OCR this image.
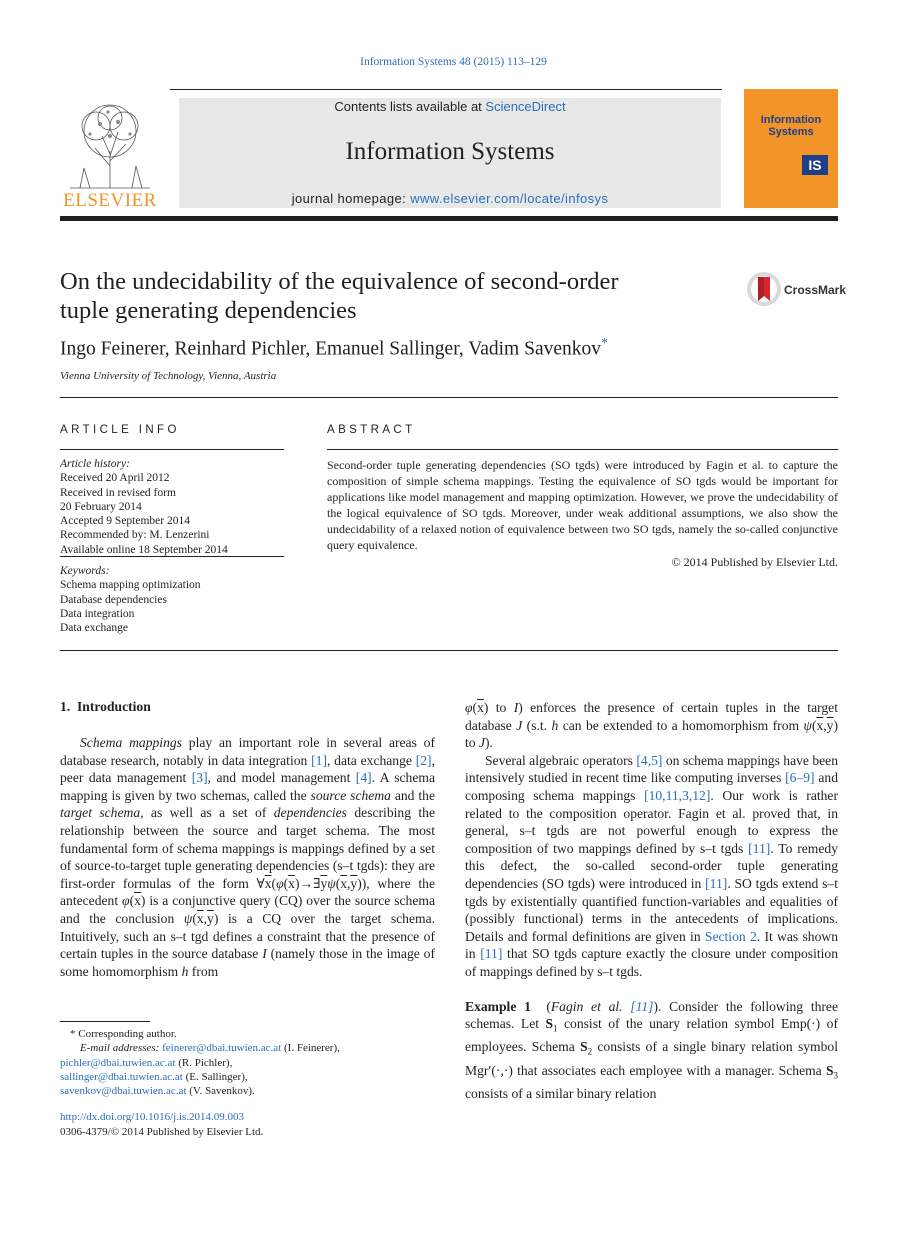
Information Systems 48 (2015) 113–129
ELSEVIER
Contents lists available at ScienceDirect
Information Systems
journal homepage: www.elsevier.com/locate/infosys
Information
Systems
IS
On the undecidability of the equivalence of second-order
tuple generating dependencies
CrossMark
Ingo Feinerer, Reinhard Pichler, Emanuel Sallinger, Vadim Savenkov*
Vienna University of Technology, Vienna, Austria
ARTICLE INFO
Article history:
Received 20 April 2012
Received in revised form
20 February 2014
Accepted 9 September 2014
Recommended by: M. Lenzerini
Available online 18 September 2014
Keywords:
Schema mapping optimization
Database dependencies
Data integration
Data exchange
ABSTRACT
Second-order tuple generating dependencies (SO tgds) were introduced by Fagin et al. to capture the composition of simple schema mappings. Testing the equivalence of SO tgds would be important for applications like model management and mapping optimization. However, we prove the undecidability of the logical equivalence of SO tgds. Moreover, under weak additional assumptions, we also show the undecidability of a relaxed notion of equivalence between two SO tgds, namely the so-called conjunctive query equivalence.
© 2014 Published by Elsevier Ltd.
1. Introduction

Schema mappings play an important role in several areas of database research, notably in data integration [1], data exchange [2], peer data management [3], and model management [4]. A schema mapping is given by two schemas, called the source schema and the target schema, as well as a set of dependencies describing the relationship between the source and target schema. The most fundamental form of schema mappings is mappings defined by a set of source-to-target tuple generating dependencies (s–t tgds): they are first-order formulas of the form $\forall\overline{x}(\varphi(\overline{x})\to\exists\overline{y}\psi(\overline{x},\overline{y}))$, where the antecedent $\varphi(\overline{x})$ is a conjunctive query (CQ) over the source schema and the conclusion $\psi(\overline{x},\overline{y})$ is a CQ over the target schema. Intuitively, such an s–t tgd defines a constraint that the presence of certain tuples in the source database I (namely those in the image of some homomorphism h from

* Corresponding author.
E-mail addresses: feinerer@dbai.tuwien.ac.at (I. Feinerer),
pichler@dbai.tuwien.ac.at (R. Pichler),
sallinger@dbai.tuwien.ac.at (E. Sallinger),
savenkov@dbai.tuwien.ac.at (V. Savenkov).
http://dx.doi.org/10.1016/j.is.2014.09.003
0306-4379/© 2014 Published by Elsevier Ltd.

$\varphi(\overline{x})$ to I) enforces the presence of certain tuples in the target database J (s.t. h can be extended to a homomorphism from $\psi(\overline{x},\overline{y})$ to J).

Several algebraic operators [4,5] on schema mappings have been intensively studied in recent time like computing inverses [6–9] and composing schema mappings [10,11,3,12]. Our work is rather related to the composition operator. Fagin et al. proved that, in general, s–t tgds are not powerful enough to express the composition of two mappings defined by s–t tgds [11]. To remedy this defect, the so-called second-order tuple generating dependencies (SO tgds) were introduced in [11]. SO tgds extend s–t tgds by existentially quantified function-variables and equalities of (possibly functional) terms in the antecedents of implications. Details and formal definitions are given in Section 2. It was shown in [11] that SO tgds capture exactly the closure under composition of mappings defined by s–t tgds.

Example 1  (Fagin et al. [11]). Consider the following three schemas. Let $S_1$ consist of the unary relation symbol Emp(·) of employees. Schema $S_2$ consists of a single binary relation symbol Mgr′(·,·) that associates each employee with a manager. Schema $S_3$ consists of a similar binary relation
